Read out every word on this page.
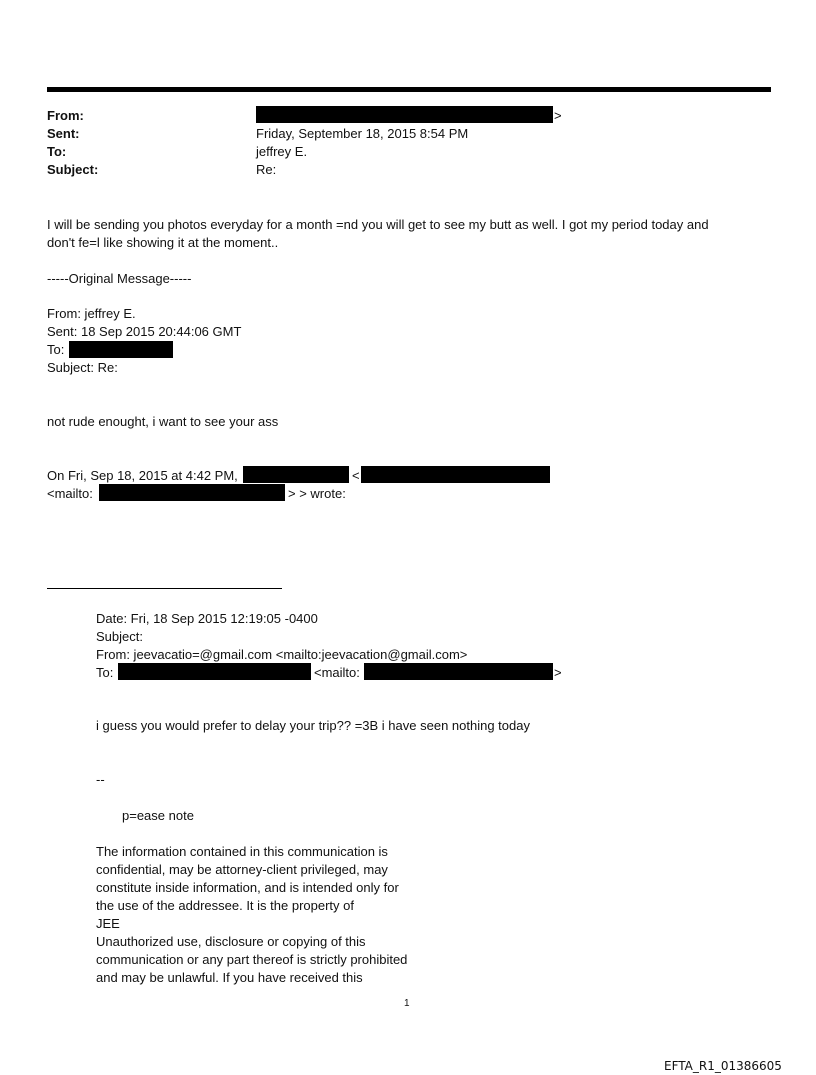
From:	>
Sent:	Friday, September 18, 2015 8:54 PM
To:	jeffrey E.
Subject:	Re:
I will be sending you photos everyday for a month =nd you will get to see my butt as well. I got my period today and
don't fe=l like showing it at the moment..
-----Original Message-----
From: jeffrey E.
Sent: 18 Sep 2015 20:44:06 GMT
To:
Subject: Re:
not rude enought, i want to see your ass
On Fri, Sep 18, 2015 at 4:42 PM,	<
<mailto:	> > wrote:
Date: Fri, 18 Sep 2015 12:19:05 -0400
Subject:
From: jeevacatio=@gmail.com <mailto:jeevacation@gmail.com>
To:	<mailto:	>
i guess you would prefer to delay your trip?? =3B i have seen nothing today
--
p=ease note
The information contained in this communication is
confidential, may be attorney-client privileged, may
constitute inside information, and is intended only for
the use of the addressee. It is the property of
JEE
Unauthorized use, disclosure or copying of this
communication or any part thereof is strictly prohibited
and may be unlawful. If you have received this
1
EFTA_R1_01386605
